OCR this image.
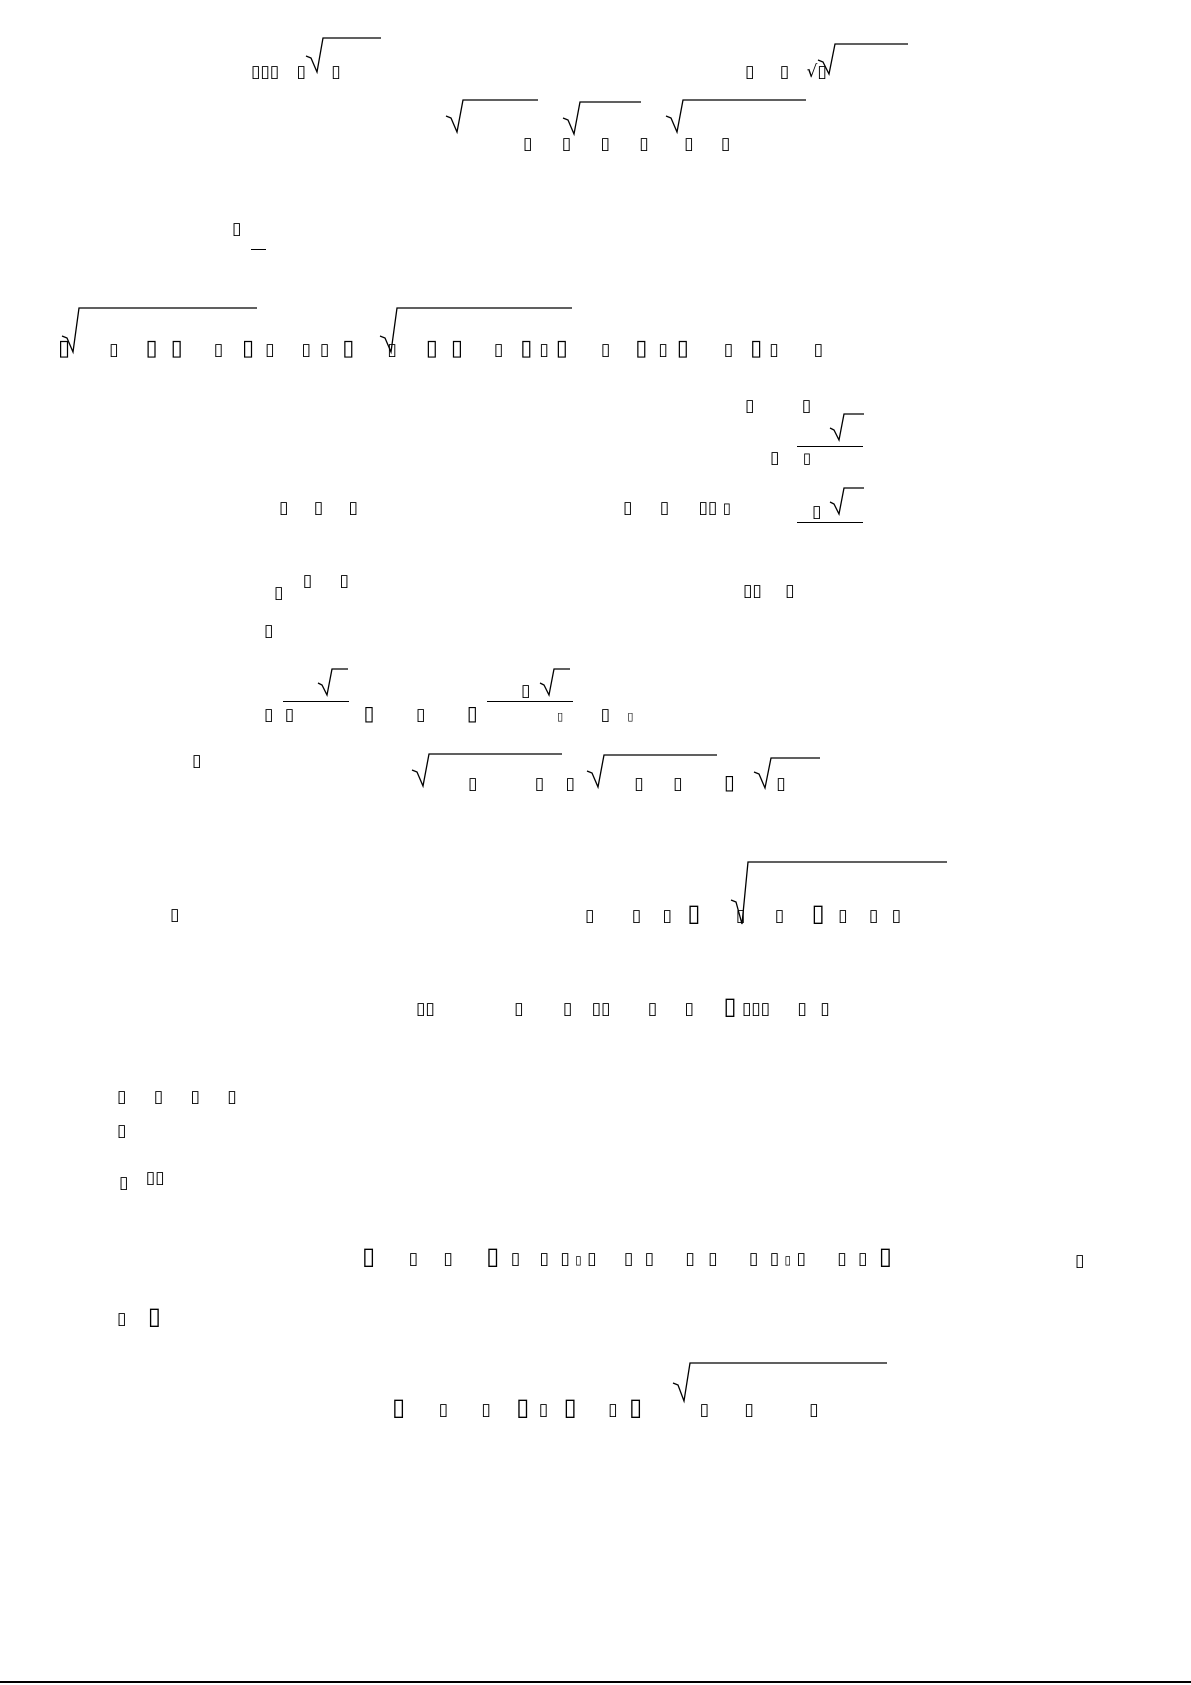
▯▯▯ ▯ ▯	▯ ▯ √▯
▯ ▯ ▯ ▯ ▯ ▯
▯
▯ ▯ ▯ ▯ ▯ ▯ ▯ ▯ ▯ ▯ ▯ ▯ ▯ ▯ ▯ ▯ ▯ ▯ ▯ ▯ ▯ ▯ ▯ ▯ ▯
▯	▯
▯ ▯
▯ ▯ ▯	▯ ▯ ▯▯ ▯	▯
▯ ▯ ▯	▯▯ ▯
▯
▯
▯ ▯	▯ ▯ ▯	▯ ▯ ▯
▯
▯	▯ ▯	▯ ▯ ▯ ▯
▯	▯ ▯ ▯ ▯ ▯ ▯ ▯ ▯ ▯ ▯
▯▯	▯ ▯ ▯▯ ▯ ▯ ▯ ▯▯▯ ▯ ▯
▯ ▯ ▯ ▯
▯
▯ ▯▯
▯ ▯ ▯ ▯ ▯ ▯ ▯ ▯ ▯ ▯ ▯ ▯ ▯ ▯ ▯ ▯ ▯ ▯ ▯ ▯	▯
▯ ▯
▯ ▯ ▯ ▯ ▯ ▯ ▯ ▯	▯ ▯	▯
